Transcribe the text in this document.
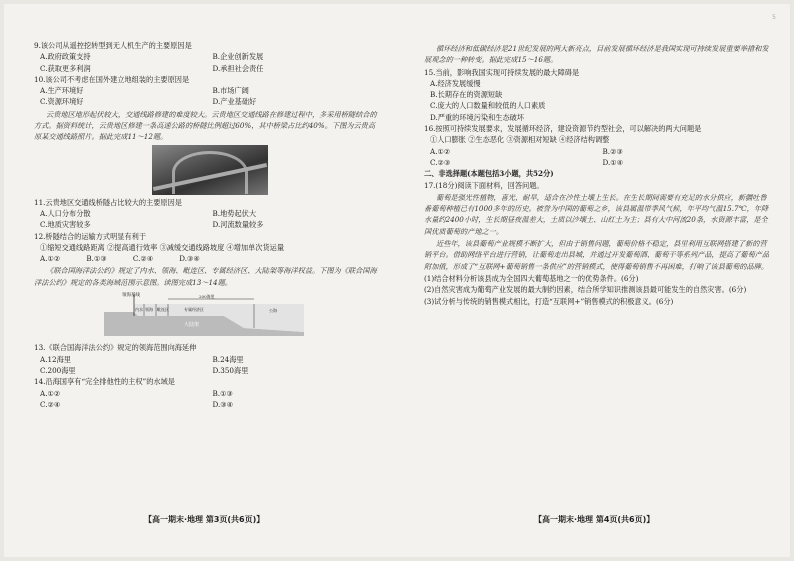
5

9.该公司从遥控挖转型到无人机生产的主要原因是

A.政府政策支持	B.企业创新发展
C.获取更多利润	D.承担社会责任

10.该公司不考虑在国外建立地组装的主要原因是

A.生产环境好	B.市场广阔
C.资源环境好	D.产业基础好

云贵地区地形起伏较大，交通线路修建的难度较大。云贵地区交通线路在修建过程中，多采用桥隧结合的方式。据资料统计，云贵地区修建一条高速公路的桥隧比例超过60%，其中桥梁占比约40%。下图为云贵高原某交通线路照片。据此完成11～12题。

11.云贵地区交通线桥隧占比较大的主要原因是

A.人口分布分散	B.地势起伏大
C.地质灾害较多	D.河流数量较多

12.桥隧结合的运输方式明显有利于

①缩短交通线路距离 ②提高通行效率 ③减缓交通线路坡度 ④增加单次货运量

A.①②	B.①③	C.②④	D.③④

《联合国海洋法公约》规定了内水、领海、毗连区、专属经济区、大陆架等海洋权益。下图为《联合国海洋法公约》规定的各类海域范围示意图。读图完成13～14题。

领海基线
内水 领海 毗连区	专属经济区
200海里
公海
大陆架

13.《联合国海洋法公约》规定的领海范围向海延伸

A.12海里	B.24海里
C.200海里	D.350海里

14.沿海国享有“完全排他性的主权”的水域是

A.①②	B.①③
C.②④	D.③④

循环经济和低碳经济是21世纪发展的两大新亮点，目前发展循环经济是我国实现可持续发展重要举措和发展观念的一种转变。据此完成15～16题。

15.当前，影响我国实现可持续发展的最大障碍是

A.经济发展缓慢

B.长期存在的资源短缺

C.庞大的人口数量和较低的人口素质

D.严重的环境污染和生态破坏

16.按照可持续发展要求，发展循环经济，建设资源节约型社会，可以解决的两大问题是

①人口膨胀 ②生态恶化 ③资源相对短缺 ④经济结构调整

A.①②	B.②③
C.②③	D.①④

二、非选择题(本题包括3小题，共52分)

17.(18分)阅读下面材料，回答问题。

葡萄是强光性植物，喜光，耐旱，适合在沙性土壤上生长。在生长期间需要有充足的水分供应，新疆吐鲁番葡萄种植已有1000多年的历史。被誉为中国的葡萄之乡，该县属温带季风气候，年平均气温15.7℃，年降水量约2400小时，生长期昼夜温差大，土质以沙壤土、山红土为主；县有大中河流20条，水资源丰富，是全国优质葡萄的产地之一。

近些年，该县葡萄产业规模不断扩大，但由于销售问题，葡萄价格不稳定，县里利用互联网搭建了新的营销平台。借助网络平台进行营销，让葡萄走出县城，并通过开发葡萄酒、葡萄干等系列产品，提高了葡萄产品附加值，形成了“互联网+葡萄销售一条供应”的营销模式，使得葡萄销售不再困难，打响了该县葡萄的品牌。

(1)结合材料分析该县成为全国四大葡萄基地之一的优势条件。(6分)

(2)自然灾害成为葡萄产业发展的最大制约因素，结合所学知识推测该县最可能发生的自然灾害。(6分)

(3)试分析与传统的销售模式相比，打造“互联网+”销售模式的积极意义。(6分)

【高一期末·地理 第3页(共6页)】	【高一期末·地理 第4页(共6页)】
